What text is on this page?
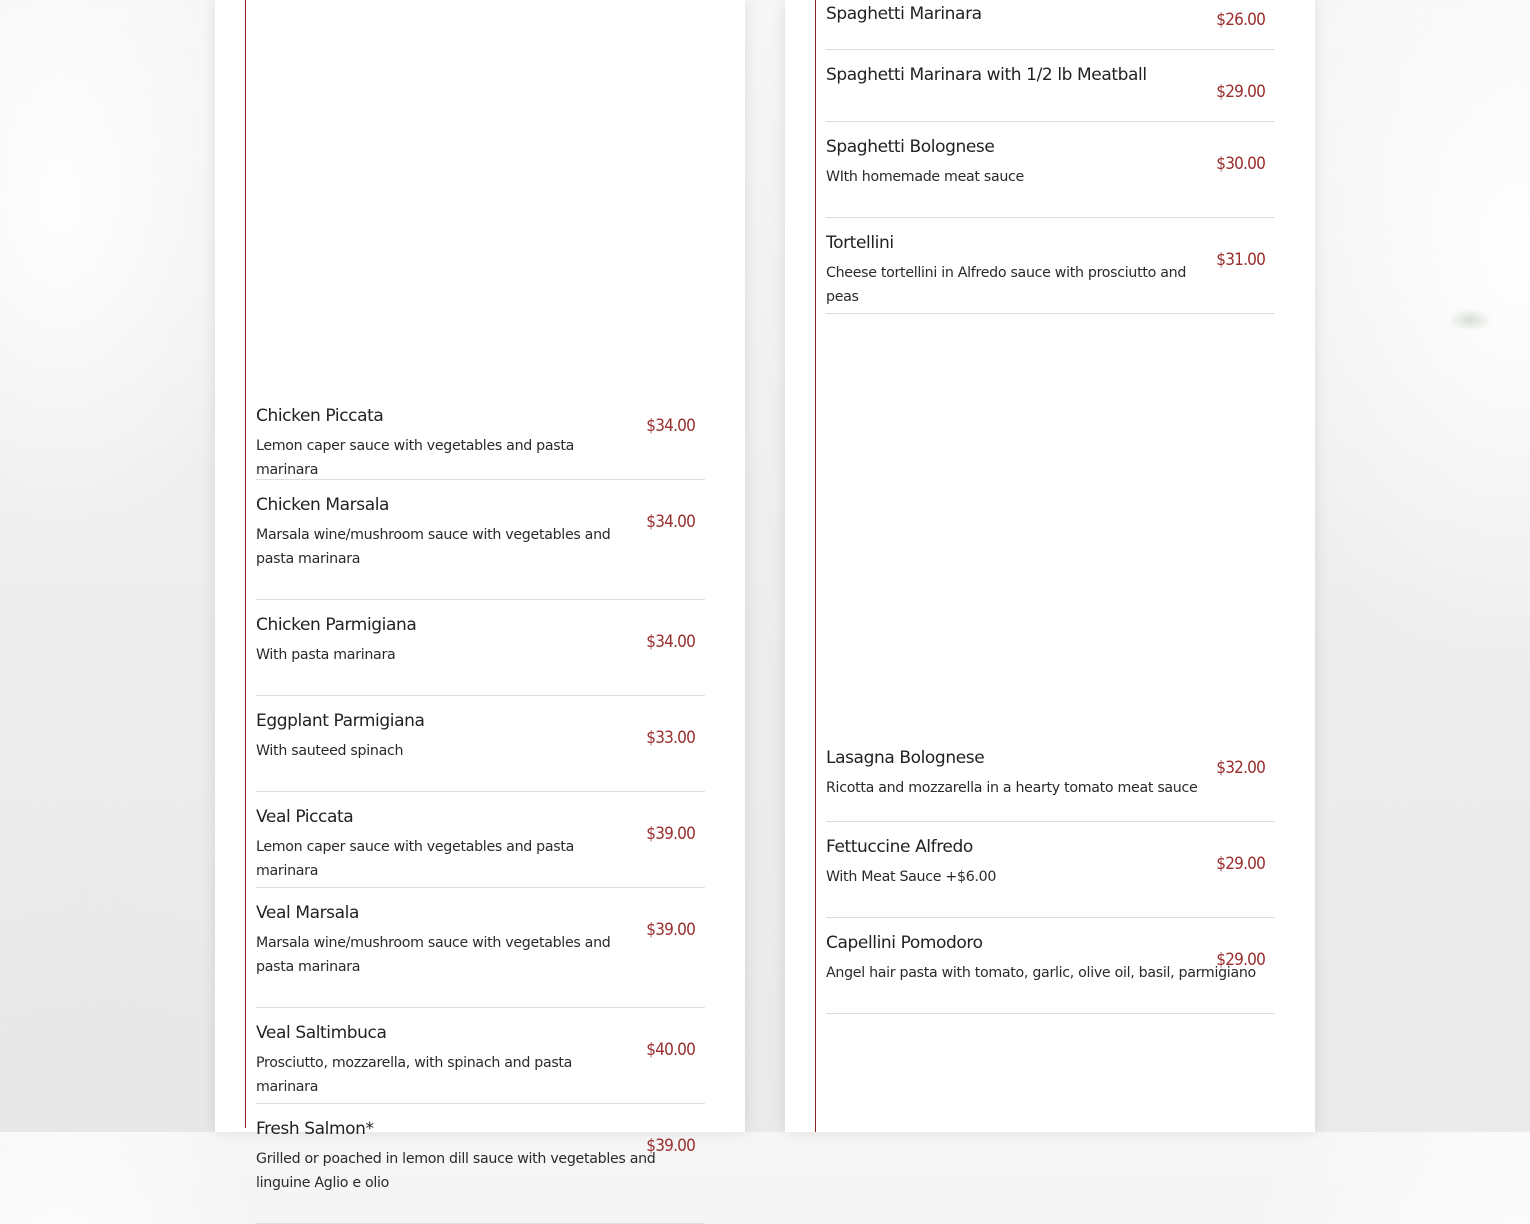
Chicken Piccata
Lemon caper sauce with vegetables and pasta marinara
$34.00
Chicken Marsala
Marsala wine/mushroom sauce with vegetables and pasta marinara
$34.00
Chicken Parmigiana
With pasta marinara
$34.00
Eggplant Parmigiana
With sauteed spinach
$33.00
Veal Piccata
Lemon caper sauce with vegetables and pasta marinara
$39.00
Veal Marsala
Marsala wine/mushroom sauce with vegetables and pasta marinara
$39.00
Veal Saltimbuca
Prosciutto, mozzarella, with spinach and pasta marinara
$40.00
Fresh Salmon*
Grilled or poached in lemon dill sauce with vegetables and linguine Aglio e olio
$39.00
Spaghetti Marinara	$26.00
Spaghetti Marinara with 1/2 lb Meatball
$29.00
Spaghetti Bolognese
WIth homemade meat sauce
$30.00
Tortellini
Cheese tortellini in Alfredo sauce with prosciutto and peas
$31.00
Lasagna Bolognese
Ricotta and mozzarella in a hearty tomato meat sauce
$32.00
Fettuccine Alfredo
With Meat Sauce +$6.00
$29.00
Capellini Pomodoro
Angel hair pasta with tomato, garlic, olive oil, basil, parmigiano
$29.00
